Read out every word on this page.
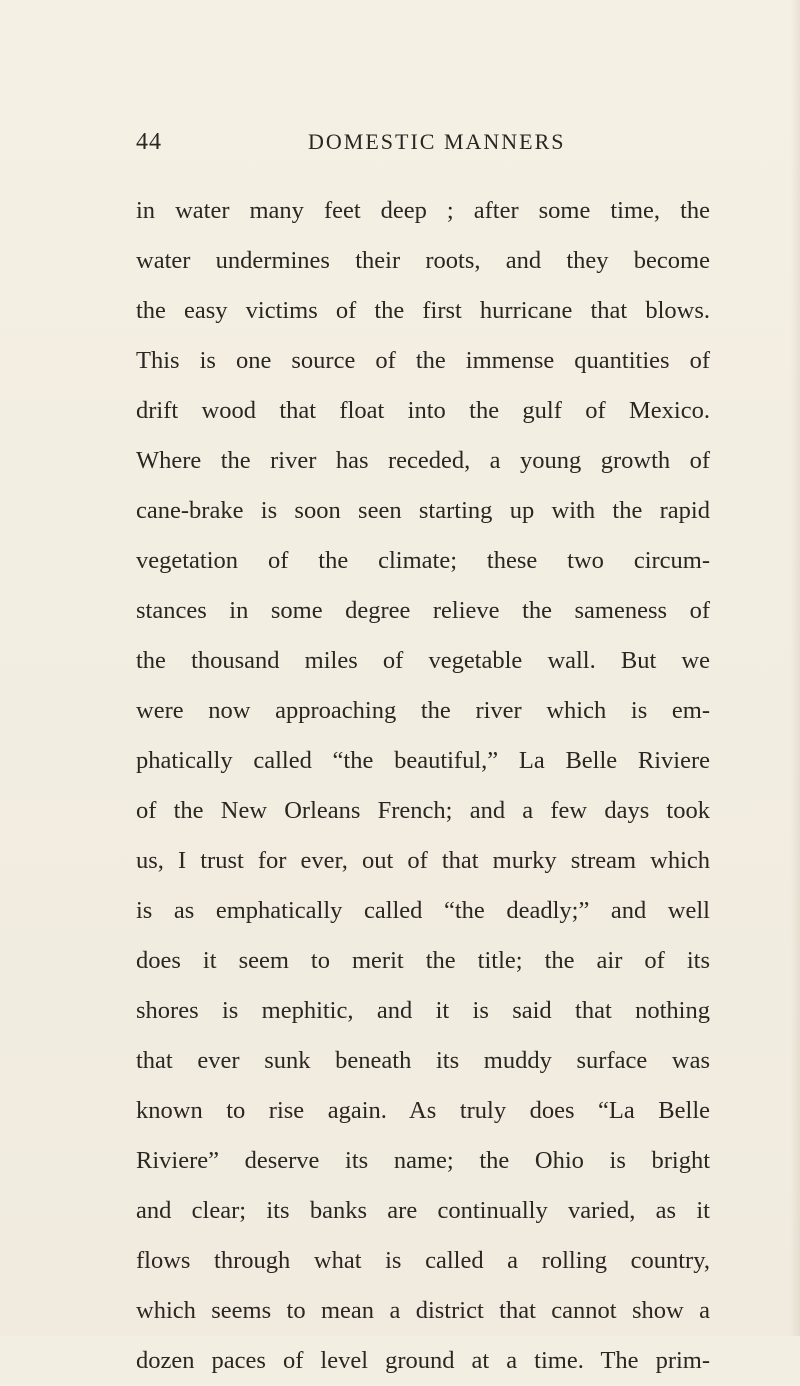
44	DOMESTIC MANNERS
in water many feet deep ; after some time, the
water undermines their roots, and they become
the easy victims of the first hurricane that blows.
This is one source of the immense quantities of
drift wood that float into the gulf of Mexico.
Where the river has receded, a young growth of
cane-brake is soon seen starting up with the rapid
vegetation of the climate; these two circum-
stances in some degree relieve the sameness of
the thousand miles of vegetable wall. But we
were now approaching the river which is em-
phatically called “the beautiful,” La Belle Riviere
of the New Orleans French; and a few days took
us, I trust for ever, out of that murky stream which
is as emphatically called “the deadly;” and well
does it seem to merit the title; the air of its
shores is mephitic, and it is said that nothing
that ever sunk beneath its muddy surface was
known to rise again. As truly does “La Belle
Riviere” deserve its name; the Ohio is bright
and clear; its banks are continually varied, as it
flows through what is called a rolling country,
which seems to mean a district that cannot show a
dozen paces of level ground at a time. The prim-
